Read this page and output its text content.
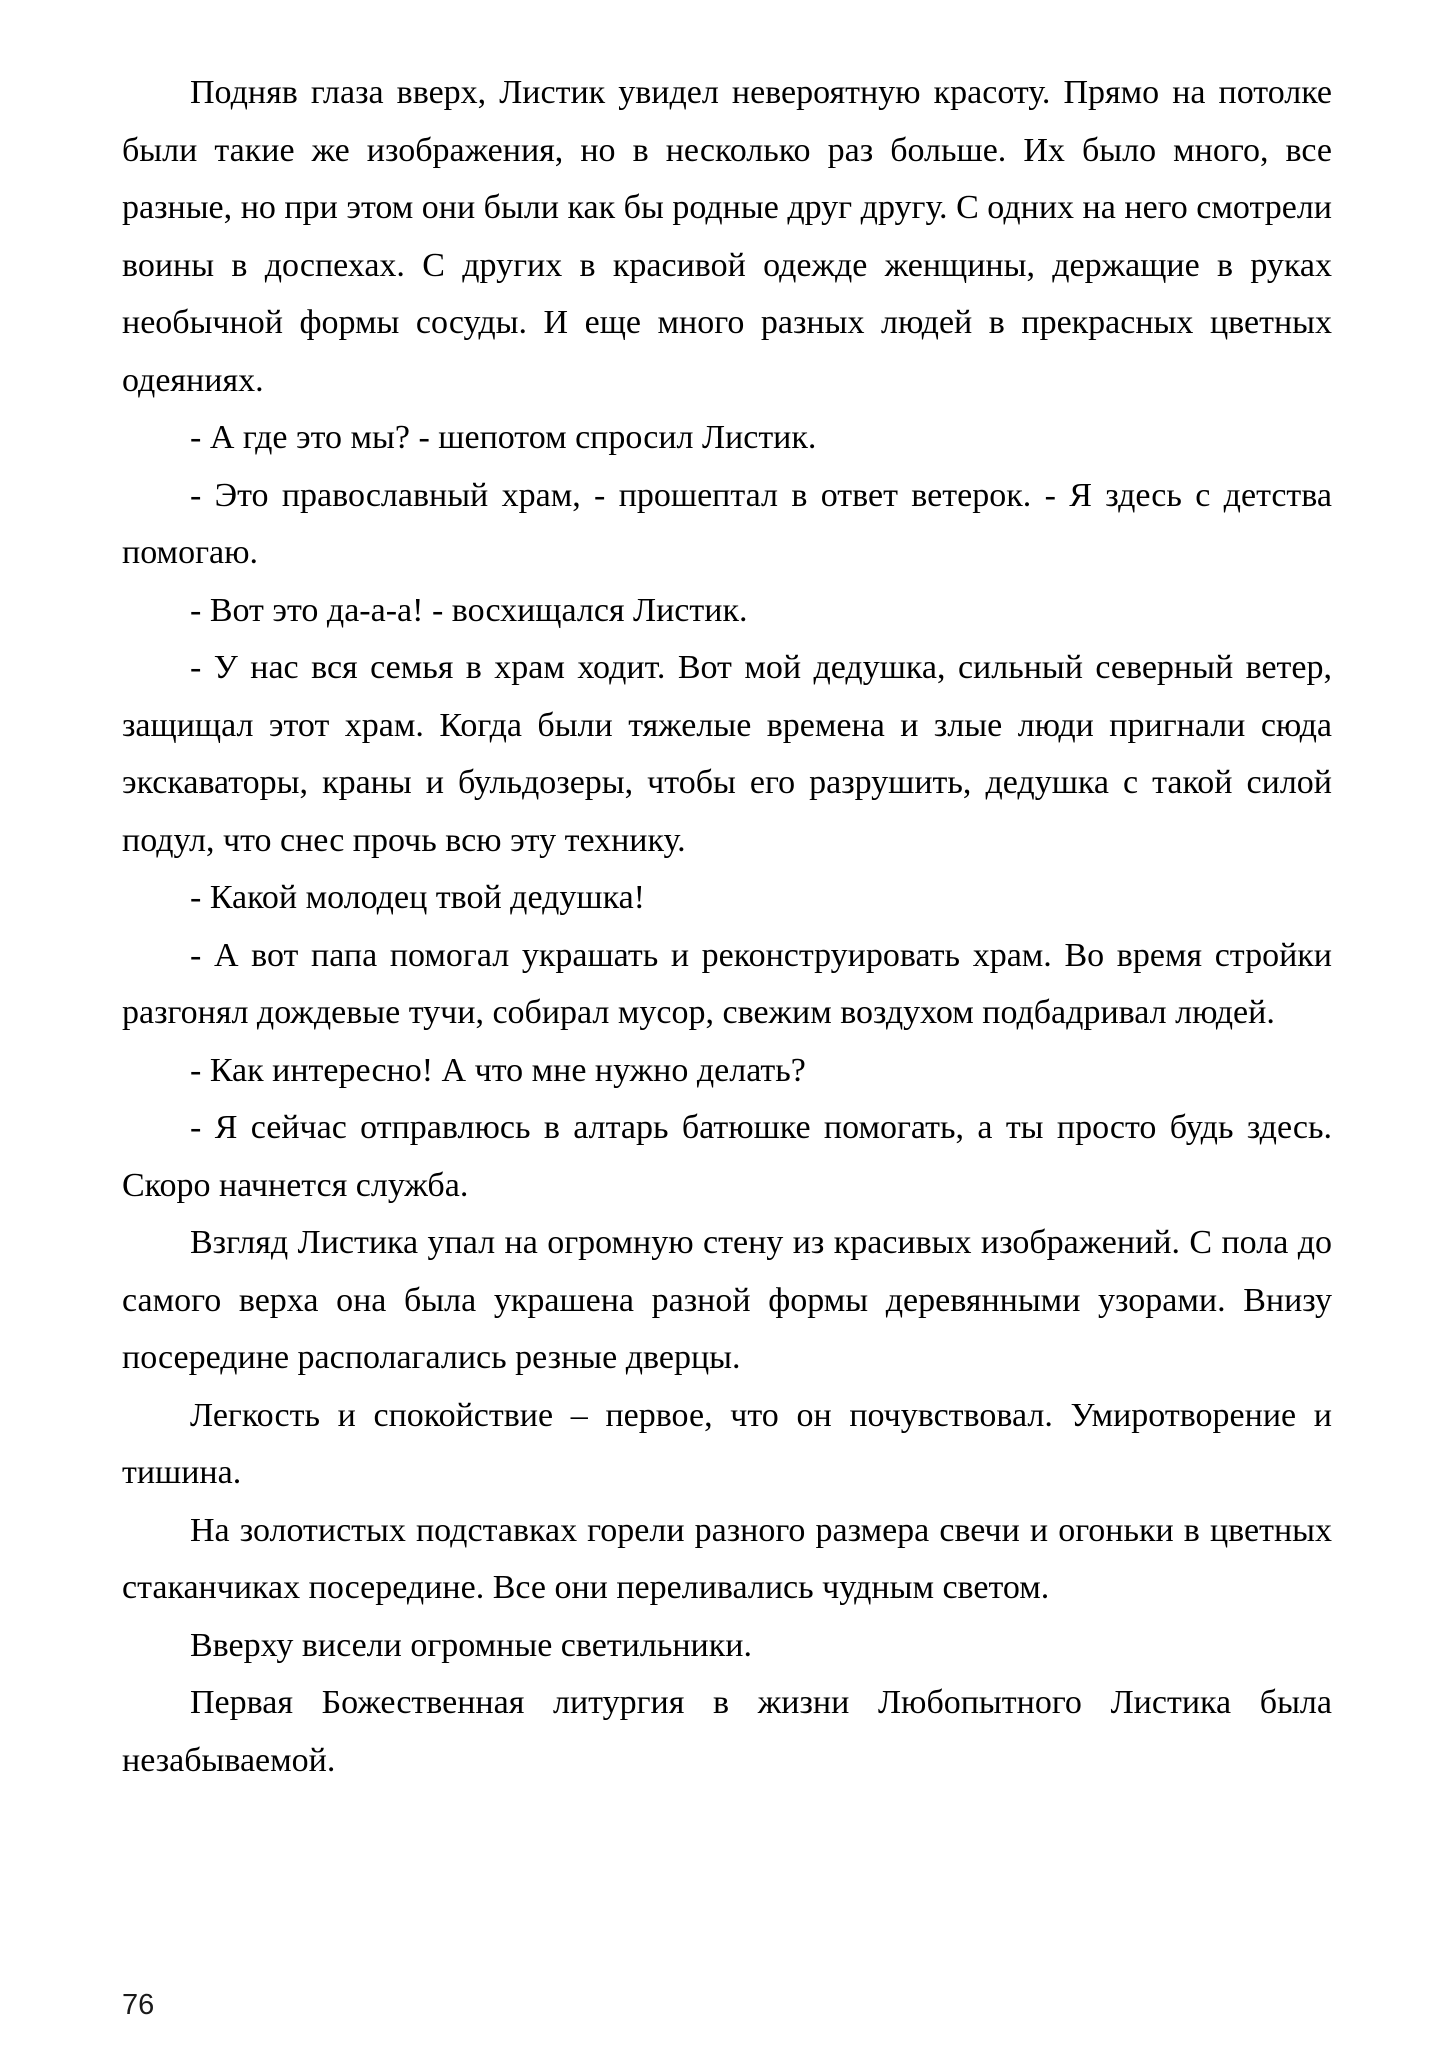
Подняв глаза вверх, Листик увидел невероятную красоту. Прямо на потолке были такие же изображения, но в несколько раз больше. Их было много, все разные, но при этом они были как бы родные друг другу. С одних на него смотрели воины в доспехах. С других в красивой одежде женщины, держащие в руках необычной формы сосуды. И еще много разных людей в прекрасных цветных одеяниях.

- А где это мы? - шепотом спросил Листик.

- Это православный храм, - прошептал в ответ ветерок. - Я здесь с детства помогаю.

- Вот это да-а-а! - восхищался Листик.

- У нас вся семья в храм ходит. Вот мой дедушка, сильный северный ветер, защищал этот храм. Когда были тяжелые времена и злые люди пригнали сюда экскаваторы, краны и бульдозеры, чтобы его разрушить, дедушка с такой силой подул, что снес прочь всю эту технику.

- Какой молодец твой дедушка!

- А вот папа помогал украшать и реконструировать храм. Во время стройки разгонял дождевые тучи, собирал мусор, свежим воздухом подбадривал людей.

- Как интересно! А что мне нужно делать?

- Я сейчас отправлюсь в алтарь батюшке помогать, а ты просто будь здесь. Скоро начнется служба.

Взгляд Листика упал на огромную стену из красивых изображений. С пола до самого верха она была украшена разной формы деревянными узорами. Внизу посередине располагались резные дверцы.

Легкость и спокойствие – первое, что он почувствовал. Умиротворение и тишина.

На золотистых подставках горели разного размера свечи и огоньки в цветных стаканчиках посередине. Все они переливались чудным светом.

Вверху висели огромные светильники.

Первая Божественная литургия в жизни Любопытного Листика была незабываемой.

76
